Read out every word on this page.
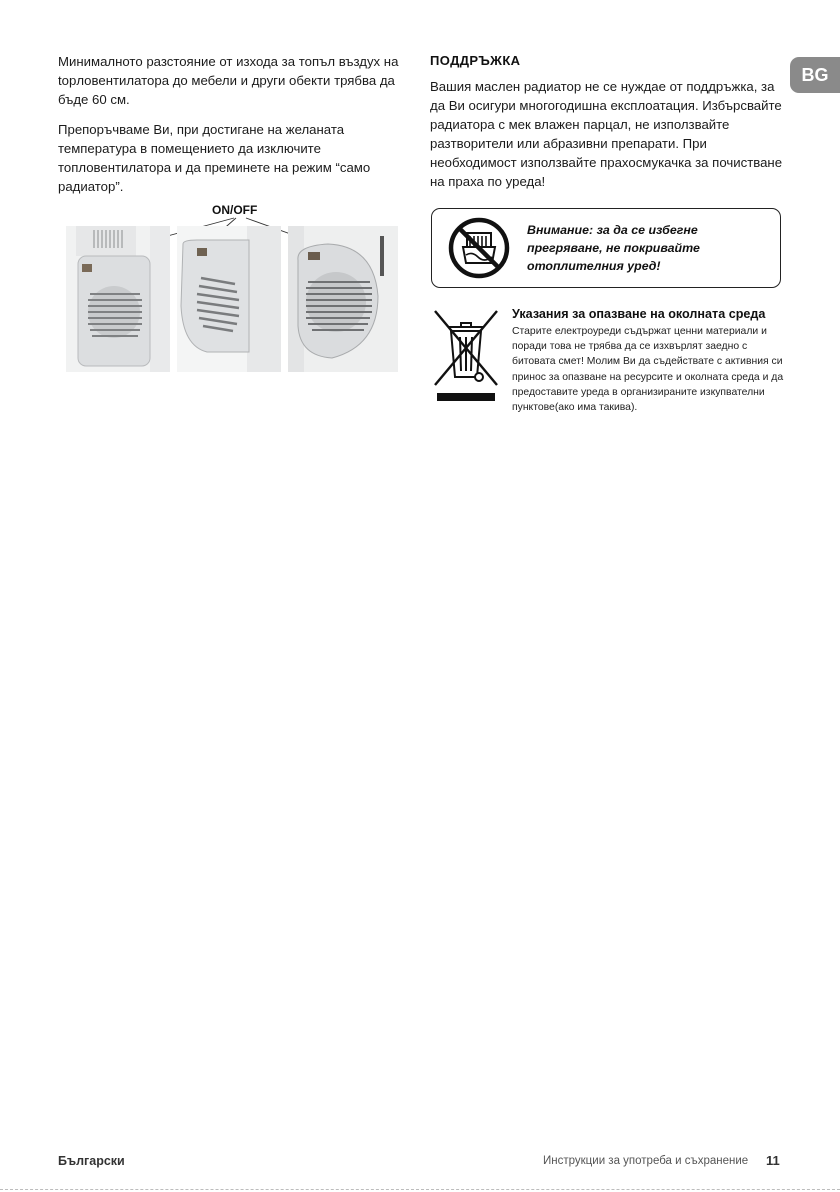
Минималното разстояние от изхода за топъл въздух на topловентилатора до мебели и други обекти трябва да бъде 60 см.

Препоръчваме Ви, при достигане на желаната температура в помещението да изключите топловентилатора и да преминете на режим “само радиатор”.

ON/OFF
ПОДДРЪЖКА

Вашия маслен радиатор не се нуждае от поддръжка, за да Ви осигури многогодишна експлоатация. Избърсвайте радиатора с мек влажен парцал, не използвайте разтворители или абразивни препарати. При необходимост използвайте прахосмукачка за почистване на праха по уреда!

BG

Внимание: за да се избегне прегряване, не покривайте отоплителния уред!

Указания за опазване на околната среда

Старите електроуреди съдържат ценни материали и поради това не трябва да се изхвърлят заедно с битовата смет! Молим Ви да съдействате с активния си принос за опазване на ресурсите и околната среда и да предоставите уреда в организираните изкупвателни пунктове(ако има такива).

Български	Инструкции за употреба и съхранение 11
